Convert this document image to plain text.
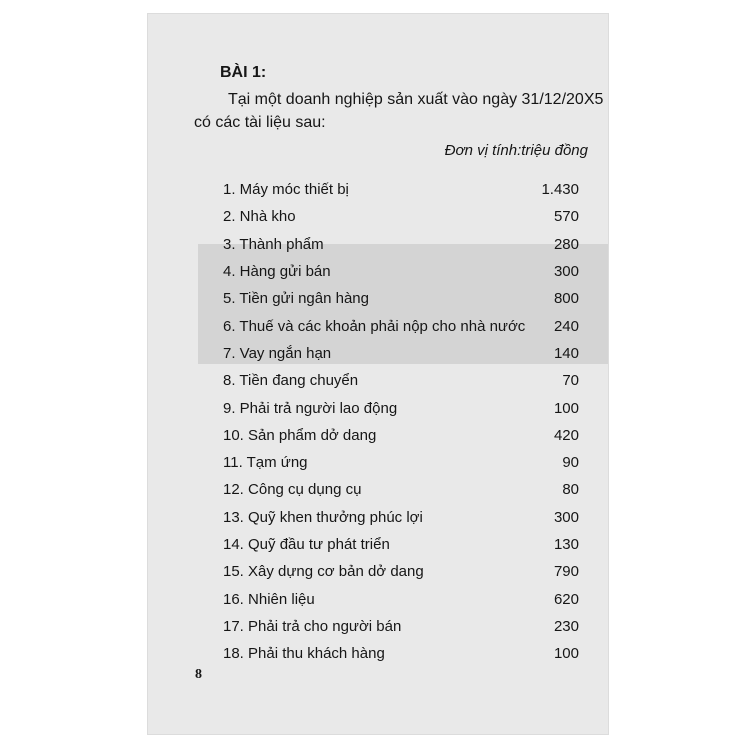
BÀI 1:
Tại một doanh nghiệp sản xuất vào ngày 31/12/20X5 có các tài liệu sau:
Đơn vị tính:triệu đồng
1. Máy móc thiết bị	1.430
2. Nhà kho	570
3. Thành phẩm	280
4. Hàng gửi bán	300
5. Tiền gửi ngân hàng	800
6. Thuế và các khoản phải nộp cho nhà nước 240
7. Vay ngắn hạn	140
8. Tiền đang chuyển	70
9. Phải trả người lao động	100
10. Sản phẩm dở dang	420
11. Tạm ứng	90
12. Công cụ dụng cụ	80
13. Quỹ khen thưởng phúc lợi	300
14. Quỹ đầu tư phát triển	130
15. Xây dựng cơ bản dở dang	790
16. Nhiên liệu	620
17. Phải trả cho người bán	230
18. Phải thu khách hàng	100
8
